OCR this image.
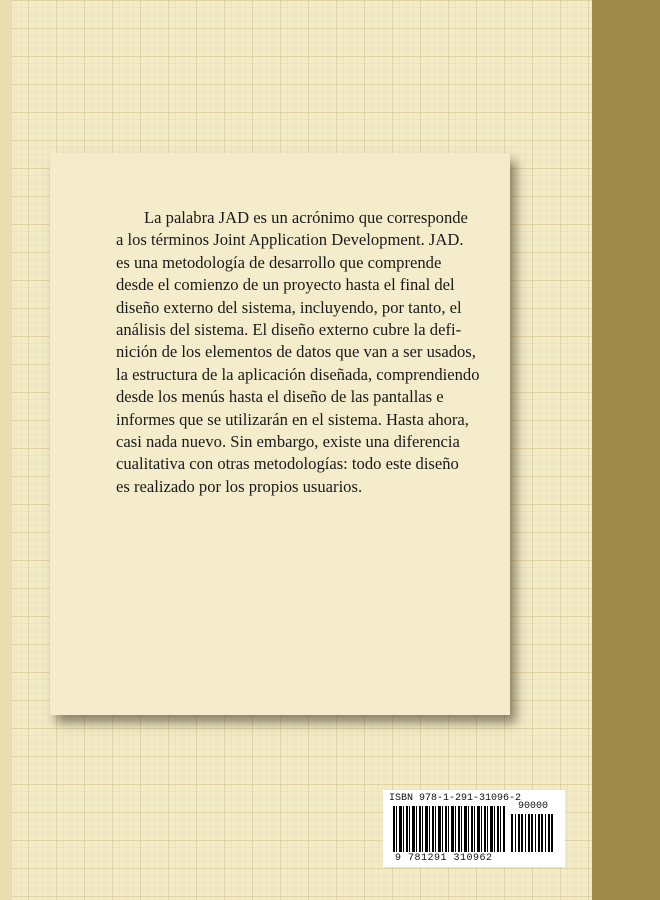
La palabra JAD es un acrónimo que corresponde
a los términos Joint Application Development. JAD.
es una metodología de desarrollo que comprende
desde el comienzo de un proyecto hasta el final del
diseño externo del sistema, incluyendo, por tanto, el
análisis del sistema. El diseño externo cubre la defi-
nición de los elementos de datos que van a ser usados,
la estructura de la aplicación diseñada, comprendiendo
desde los menús hasta el diseño de las pantallas e
informes que se utilizarán en el sistema. Hasta ahora,
casi nada nuevo. Sin embargo, existe una diferencia
cualitativa con otras metodologías: todo este diseño
es realizado por los propios usuarios.

ISBN 978-1-291-31096-2
90000
9 781291 310962
